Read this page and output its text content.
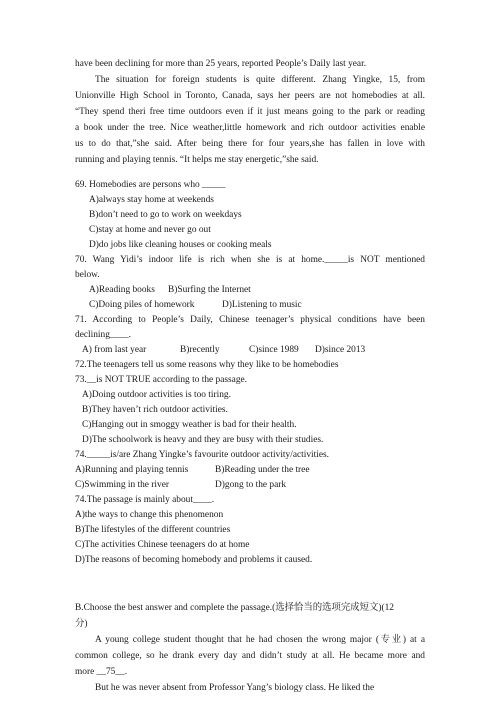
have been declining for more than 25 years, reported People’s Daily last year.
The situation for foreign students is quite different. Zhang Yingke, 15, from
Unionville High School in Toronto, Canada, says her peers are not homebodies at all.
“They spend theri free time outdoors even if it just means going to the park or reading
a book under the tree. Nice weather,little homework and rich outdoor activities enable
us to do that,”she said. After being there for four years,she has fallen in love with
running and playing tennis. “It helps me stay energetic,”she said.
69. Homebodies are persons who _____
A)always stay home at weekends
B)don’t need to go to work on weekdays
C)stay at home and never go out
D)do jobs like cleaning houses or cooking meals
70. Wang Yidi’s indoor life is rich when she is at home._____is NOT mentioned
below.
A)Reading books B)Surfing the Internet
C)Doing piles of homework	D)Listening to music
71. According to People’s Daily, Chinese teenager’s physical conditions have been
declining____.
A) from last year	B)recently	C)since 1989 D)since 2013
72.The teenagers tell us some reasons why they like to be homebodies
73.__is NOT TRUE according to the passage.
A)Doing outdoor activities is too tiring.
B)They haven’t rich outdoor activities.
C)Hanging out in smoggy weather is bad for their health.
D)The schoolwork is heavy and they are busy with their studies.
74._____is/are Zhang Yingke’s favourite outdoor activity/activities.
A)Running and playing tennis	B)Reading under the tree
C)Swimming in the river	D)gong to the park
74.The passage is mainly about____.
A)the ways to change this phenomenon
B)The lifestyles of the different countries
C)The activities Chinese teenagers do at home
D)The reasons of becoming homebody and problems it caused.
B.Choose the best answer and complete the passage.(选择恰当的选项完成短文)(12
分)
A young college student thought that he had chosen the wrong major (专业) at a
common college, so he drank every day and didn’t study at all. He became more and
more __75__.
But he was never absent from Professor Yang’s biology class. He liked the
